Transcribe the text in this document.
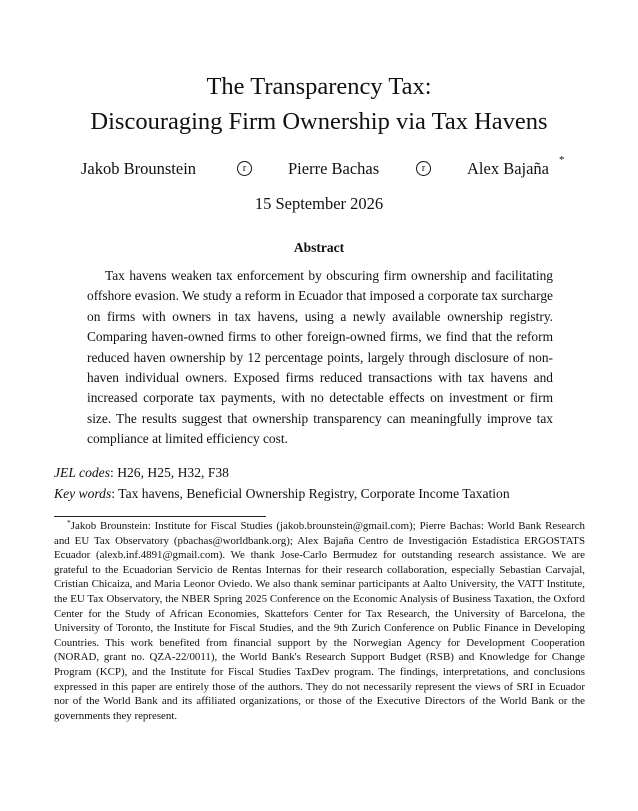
The Transparency Tax:
Discouraging Firm Ownership via Tax Havens
Jakob Brounstein	r	Pierre Bachas	r	Alex Bajaña *
15 September 2026
Abstract

Tax havens weaken tax enforcement by obscuring firm ownership and facilitating offshore evasion. We study a reform in Ecuador that imposed a corporate tax surcharge on firms with owners in tax havens, using a newly available ownership registry. Comparing haven-owned firms to other foreign-owned firms, we find that the reform reduced haven ownership by 12 percentage points, largely through disclosure of non-haven individual owners. Exposed firms reduced transactions with tax havens and increased corporate tax payments, with no detectable effects on investment or firm size. The results suggest that ownership transparency can meaningfully improve tax compliance at limited efficiency cost.

JEL codes: H26, H25, H32, F38
Key words: Tax havens, Beneficial Ownership Registry, Corporate Income Taxation

*Jakob Brounstein: Institute for Fiscal Studies (jakob.brounstein@gmail.com); Pierre Bachas: World Bank Research and EU Tax Observatory (pbachas@worldbank.org); Alex Bajaña Centro de Investigación Estadística ERGOSTATS Ecuador (alexb.inf.4891@gmail.com). We thank Jose-Carlo Bermudez for outstanding research assistance. We are grateful to the Ecuadorian Servicio de Rentas Internas for their research collaboration, especially Sebastian Carvajal, Cristian Chicaiza, and Maria Leonor Oviedo. We also thank seminar participants at Aalto University, the VATT Institute, the EU Tax Observatory, the NBER Spring 2025 Conference on the Economic Analysis of Business Taxation, the Oxford Center for the Study of African Economies, Skattefors Center for Tax Research, the University of Barcelona, the University of Toronto, the Institute for Fiscal Studies, and the 9th Zurich Conference on Public Finance in Developing Countries. This work benefited from financial support by the Norwegian Agency for Development Cooperation (NORAD, grant no. QZA-22/0011), the World Bank's Research Support Budget (RSB) and Knowledge for Change Program (KCP), and the Institute for Fiscal Studies TaxDev program. The findings, interpretations, and conclusions expressed in this paper are entirely those of the authors. They do not necessarily represent the views of SRI in Ecuador nor of the World Bank and its affiliated organizations, or those of the Executive Directors of the World Bank or the governments they represent.
